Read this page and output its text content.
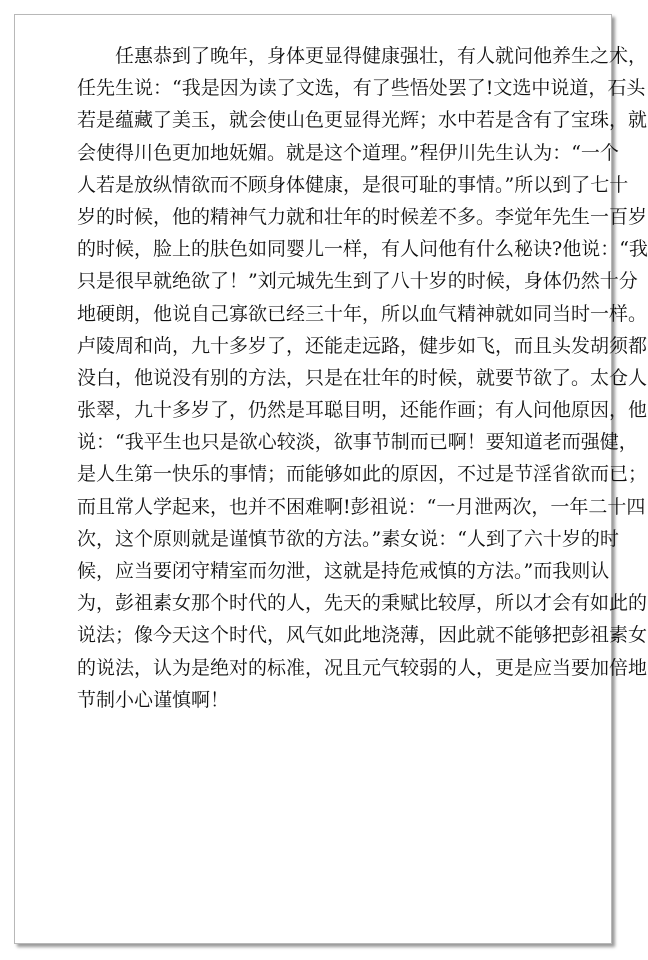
任惠恭到了晚年，身体更显得健康强壮，有人就问他养生之术，
任先生说：“我是因为读了文选，有了些悟处罢了!文选中说道，石头
若是蕴藏了美玉，就会使山色更显得光辉；水中若是含有了宝珠，就
会使得川色更加地妩媚。就是这个道理。”程伊川先生认为：“一个
人若是放纵情欲而不顾身体健康，是很可耻的事情。”所以到了七十
岁的时候，他的精神气力就和壮年的时候差不多。李觉年先生一百岁
的时候，脸上的肤色如同婴儿一样，有人问他有什么秘诀?他说：“我
只是很早就绝欲了！”刘元城先生到了八十岁的时候，身体仍然十分
地硬朗，他说自己寡欲已经三十年，所以血气精神就如同当时一样。
卢陵周和尚，九十多岁了，还能走远路，健步如飞，而且头发胡须都
没白，他说没有别的方法，只是在壮年的时候，就要节欲了。太仓人
张翠，九十多岁了，仍然是耳聪目明，还能作画；有人问他原因，他
说：“我平生也只是欲心较淡，欲事节制而已啊！要知道老而强健，
是人生第一快乐的事情；而能够如此的原因，不过是节淫省欲而已；
而且常人学起来，也并不困难啊!彭祖说：“一月泄两次，一年二十四
次，这个原则就是谨慎节欲的方法。”素女说：“人到了六十岁的时
候，应当要闭守精室而勿泄，这就是持危戒慎的方法。”而我则认
为，彭祖素女那个时代的人，先天的秉赋比较厚，所以才会有如此的
说法；像今天这个时代，风气如此地浇薄，因此就不能够把彭祖素女
的说法，认为是绝对的标准，况且元气较弱的人，更是应当要加倍地
节制小心谨慎啊！
